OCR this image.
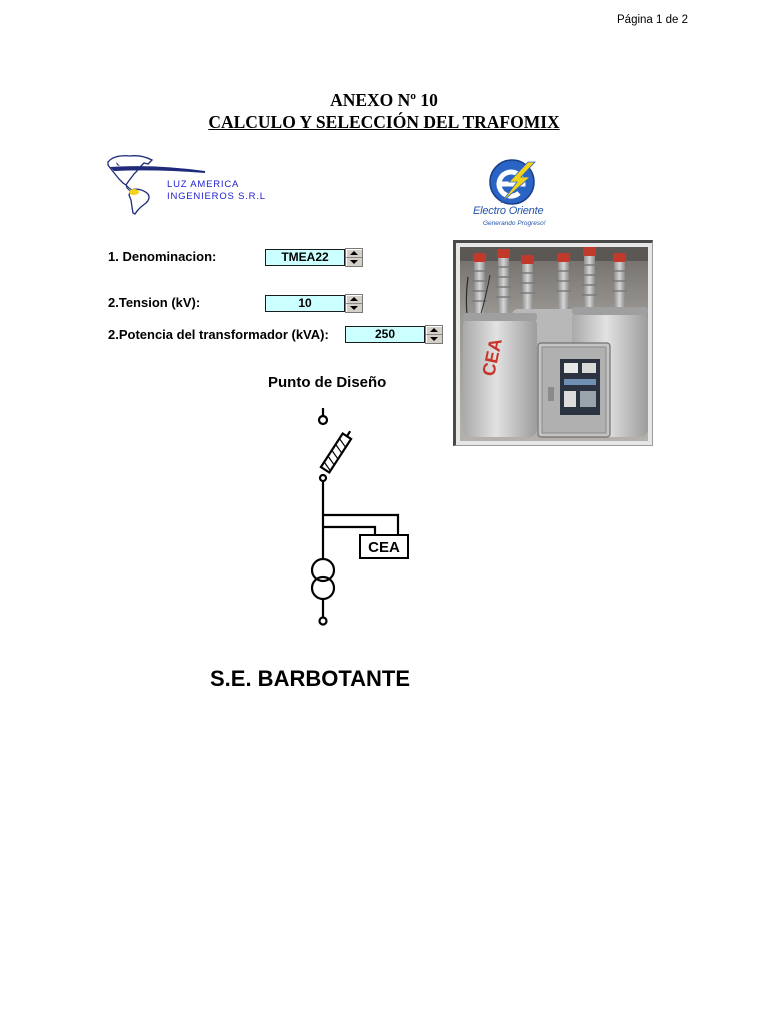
Página 1 de 2
ANEXO Nº 10
CALCULO Y SELECCIÓN DEL TRAFOMIX
LUZ AMERICA
INGENIEROS S.R.L
Electro Oriente
Generando Progreso!
1. Denominacion:	TMEA22
2.Tension (kV):	10
2.Potencia del transformador (kVA):	250
CEA
Punto de Diseño
CEA
S.E. BARBOTANTE
